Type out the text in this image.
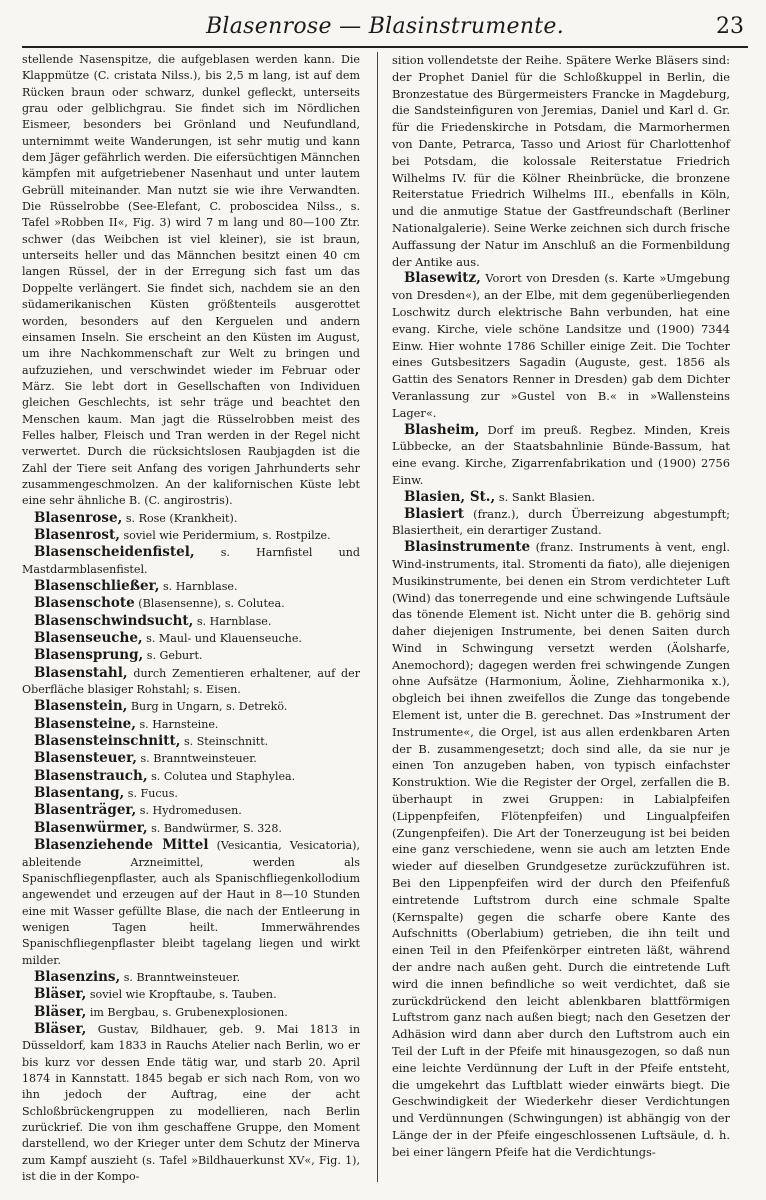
Blasenrose — Blasinstrumente.	23

stellende Nasenspitze, die aufgeblasen werden kann. Die Klappmütze (C. cristata Nilss.), bis 2,5 m lang, ist auf dem Rücken braun oder schwarz, dunkel gefleckt, unterseits grau oder gelblichgrau. Sie findet sich im Nördlichen Eismeer, besonders bei Grönland und Neufundland, unternimmt weite Wanderungen, ist sehr mutig und kann dem Jäger gefährlich werden. Die eifersüchtigen Männchen kämpfen mit aufgetriebener Nasenhaut und unter lautem Gebrüll miteinander. Man nutzt sie wie ihre Verwandten. Die Rüsselrobbe (See-Elefant, C. proboscidea Nilss., s. Tafel »Robben II«, Fig. 3) wird 7 m lang und 80—100 Ztr. schwer (das Weibchen ist viel kleiner), sie ist braun, unterseits heller und das Männchen besitzt einen 40 cm langen Rüssel, der in der Erregung sich fast um das Doppelte verlängert. Sie findet sich, nachdem sie an den südamerikanischen Küsten größtenteils ausgerottet worden, besonders auf den Kerguelen und andern einsamen Inseln. Sie erscheint an den Küsten im August, um ihre Nachkommenschaft zur Welt zu bringen und aufzuziehen, und verschwindet wieder im Februar oder März. Sie lebt dort in Gesellschaften von Individuen gleichen Geschlechts, ist sehr träge und beachtet den Menschen kaum. Man jagt die Rüsselrobben meist des Felles halber, Fleisch und Tran werden in der Regel nicht verwertet. Durch die rücksichtslosen Raubjagden ist die Zahl der Tiere seit Anfang des vorigen Jahrhunderts sehr zusammengeschmolzen. An der kalifornischen Küste lebt eine sehr ähnliche B. (C. angirostris).

Blasenrose, s. Rose (Krankheit).

Blasenrost, soviel wie Peridermium, s. Rostpilze.

Blasenscheidenfistel, s. Harnfistel und Mastdarmblasenfistel.

Blasenschließer, s. Harnblase.

Blasenschote (Blasensenne), s. Colutea.

Blasenschwindsucht, s. Harnblase.

Blasenseuche, s. Maul- und Klauenseuche.

Blasensprung, s. Geburt.

Blasenstahl, durch Zementieren erhaltener, auf der Oberfläche blasiger Rohstahl; s. Eisen.

Blasenstein, Burg in Ungarn, s. Detrekö.

Blasensteine, s. Harnsteine.

Blasensteinschnitt, s. Steinschnitt.

Blasensteuer, s. Branntweinsteuer.

Blasenstrauch, s. Colutea und Staphylea.

Blasentang, s. Fucus.

Blasenträger, s. Hydromedusen.

Blasenwürmer, s. Bandwürmer, S. 328.

Blasenziehende Mittel (Vesicantia, Vesicatoria), ableitende Arzneimittel, werden als Spanischfliegenpflaster, auch als Spanischfliegenkollodium angewendet und erzeugen auf der Haut in 8—10 Stunden eine mit Wasser gefüllte Blase, die nach der Entleerung in wenigen Tagen heilt. Immerwährendes Spanischfliegenpflaster bleibt tagelang liegen und wirkt milder.

Blasenzins, s. Branntweinsteuer.

Bläser, soviel wie Kropftaube, s. Tauben.

Bläser, im Bergbau, s. Grubenexplosionen.

Bläser, Gustav, Bildhauer, geb. 9. Mai 1813 in Düsseldorf, kam 1833 in Rauchs Atelier nach Berlin, wo er bis kurz vor dessen Ende tätig war, und starb 20. April 1874 in Kannstatt. 1845 begab er sich nach Rom, von wo ihn jedoch der Auftrag, eine der acht Schloßbrückengruppen zu modellieren, nach Berlin zurückrief. Die von ihm geschaffene Gruppe, den Moment darstellend, wo der Krieger unter dem Schutz der Minerva zum Kampf auszieht (s. Tafel »Bildhauerkunst XV«, Fig. 1), ist die in der Kompo-

sition vollendetste der Reihe. Spätere Werke Bläsers sind: der Prophet Daniel für die Schloßkuppel in Berlin, die Bronzestatue des Bürgermeisters Francke in Magdeburg, die Sandsteinfiguren von Jeremias, Daniel und Karl d. Gr. für die Friedenskirche in Potsdam, die Marmorhermen von Dante, Petrarca, Tasso und Ariost für Charlottenhof bei Potsdam, die kolossale Reiterstatue Friedrich Wilhelms IV. für die Kölner Rheinbrücke, die bronzene Reiterstatue Friedrich Wilhelms III., ebenfalls in Köln, und die anmutige Statue der Gastfreundschaft (Berliner Nationalgalerie). Seine Werke zeichnen sich durch frische Auffassung der Natur im Anschluß an die Formenbildung der Antike aus.

Blasewitz, Vorort von Dresden (s. Karte »Umgebung von Dresden«), an der Elbe, mit dem gegenüberliegenden Loschwitz durch elektrische Bahn verbunden, hat eine evang. Kirche, viele schöne Landsitze und (1900) 7344 Einw. Hier wohnte 1786 Schiller einige Zeit. Die Tochter eines Gutsbesitzers Sagadin (Auguste, gest. 1856 als Gattin des Senators Renner in Dresden) gab dem Dichter Veranlassung zur »Gustel von B.« in »Wallensteins Lager«.

Blasheim, Dorf im preuß. Regbez. Minden, Kreis Lübbecke, an der Staatsbahnlinie Bünde-Bassum, hat eine evang. Kirche, Zigarrenfabrikation und (1900) 2756 Einw.

Blasien, St., s. Sankt Blasien.

Blasiert (franz.), durch Überreizung abgestumpft; Blasiertheit, ein derartiger Zustand.

Blasinstrumente (franz. Instruments à vent, engl. Wind-instruments, ital. Stromenti da fiato), alle diejenigen Musikinstrumente, bei denen ein Strom verdichteter Luft (Wind) das tonerregende und eine schwingende Luftsäule das tönende Element ist. Nicht unter die B. gehörig sind daher diejenigen Instrumente, bei denen Saiten durch Wind in Schwingung versetzt werden (Äolsharfe, Anemochord); dagegen werden frei schwingende Zungen ohne Aufsätze (Harmonium, Äoline, Ziehharmonika x.), obgleich bei ihnen zweifellos die Zunge das tongebende Element ist, unter die B. gerechnet. Das »Instrument der Instrumente«, die Orgel, ist aus allen erdenkbaren Arten der B. zusammengesetzt; doch sind alle, da sie nur je einen Ton anzugeben haben, von typisch einfachster Konstruktion. Wie die Register der Orgel, zerfallen die B. überhaupt in zwei Gruppen: in Labialpfeifen (Lippenpfeifen, Flötenpfeifen) und Lingualpfeifen (Zungenpfeifen). Die Art der Tonerzeugung ist bei beiden eine ganz verschiedene, wenn sie auch am letzten Ende wieder auf dieselben Grundgesetze zurückzuführen ist. Bei den Lippenpfeifen wird der durch den Pfeifenfuß eintretende Luftstrom durch eine schmale Spalte (Kernspalte) gegen die scharfe obere Kante des Aufschnitts (Oberlabium) getrieben, die ihn teilt und einen Teil in den Pfeifenkörper eintreten läßt, während der andre nach außen geht. Durch die eintretende Luft wird die innen befindliche so weit verdichtet, daß sie zurückdrückend den leicht ablenkbaren blattförmigen Luftstrom ganz nach außen biegt; nach den Gesetzen der Adhäsion wird dann aber durch den Luftstrom auch ein Teil der Luft in der Pfeife mit hinausgezogen, so daß nun eine leichte Verdünnung der Luft in der Pfeife entsteht, die umgekehrt das Luftblatt wieder einwärts biegt. Die Geschwindigkeit der Wiederkehr dieser Verdichtungen und Verdünnungen (Schwingungen) ist abhängig von der Länge der in der Pfeife eingeschlossenen Luftsäule, d. h. bei einer längern Pfeife hat die Verdichtungs-
